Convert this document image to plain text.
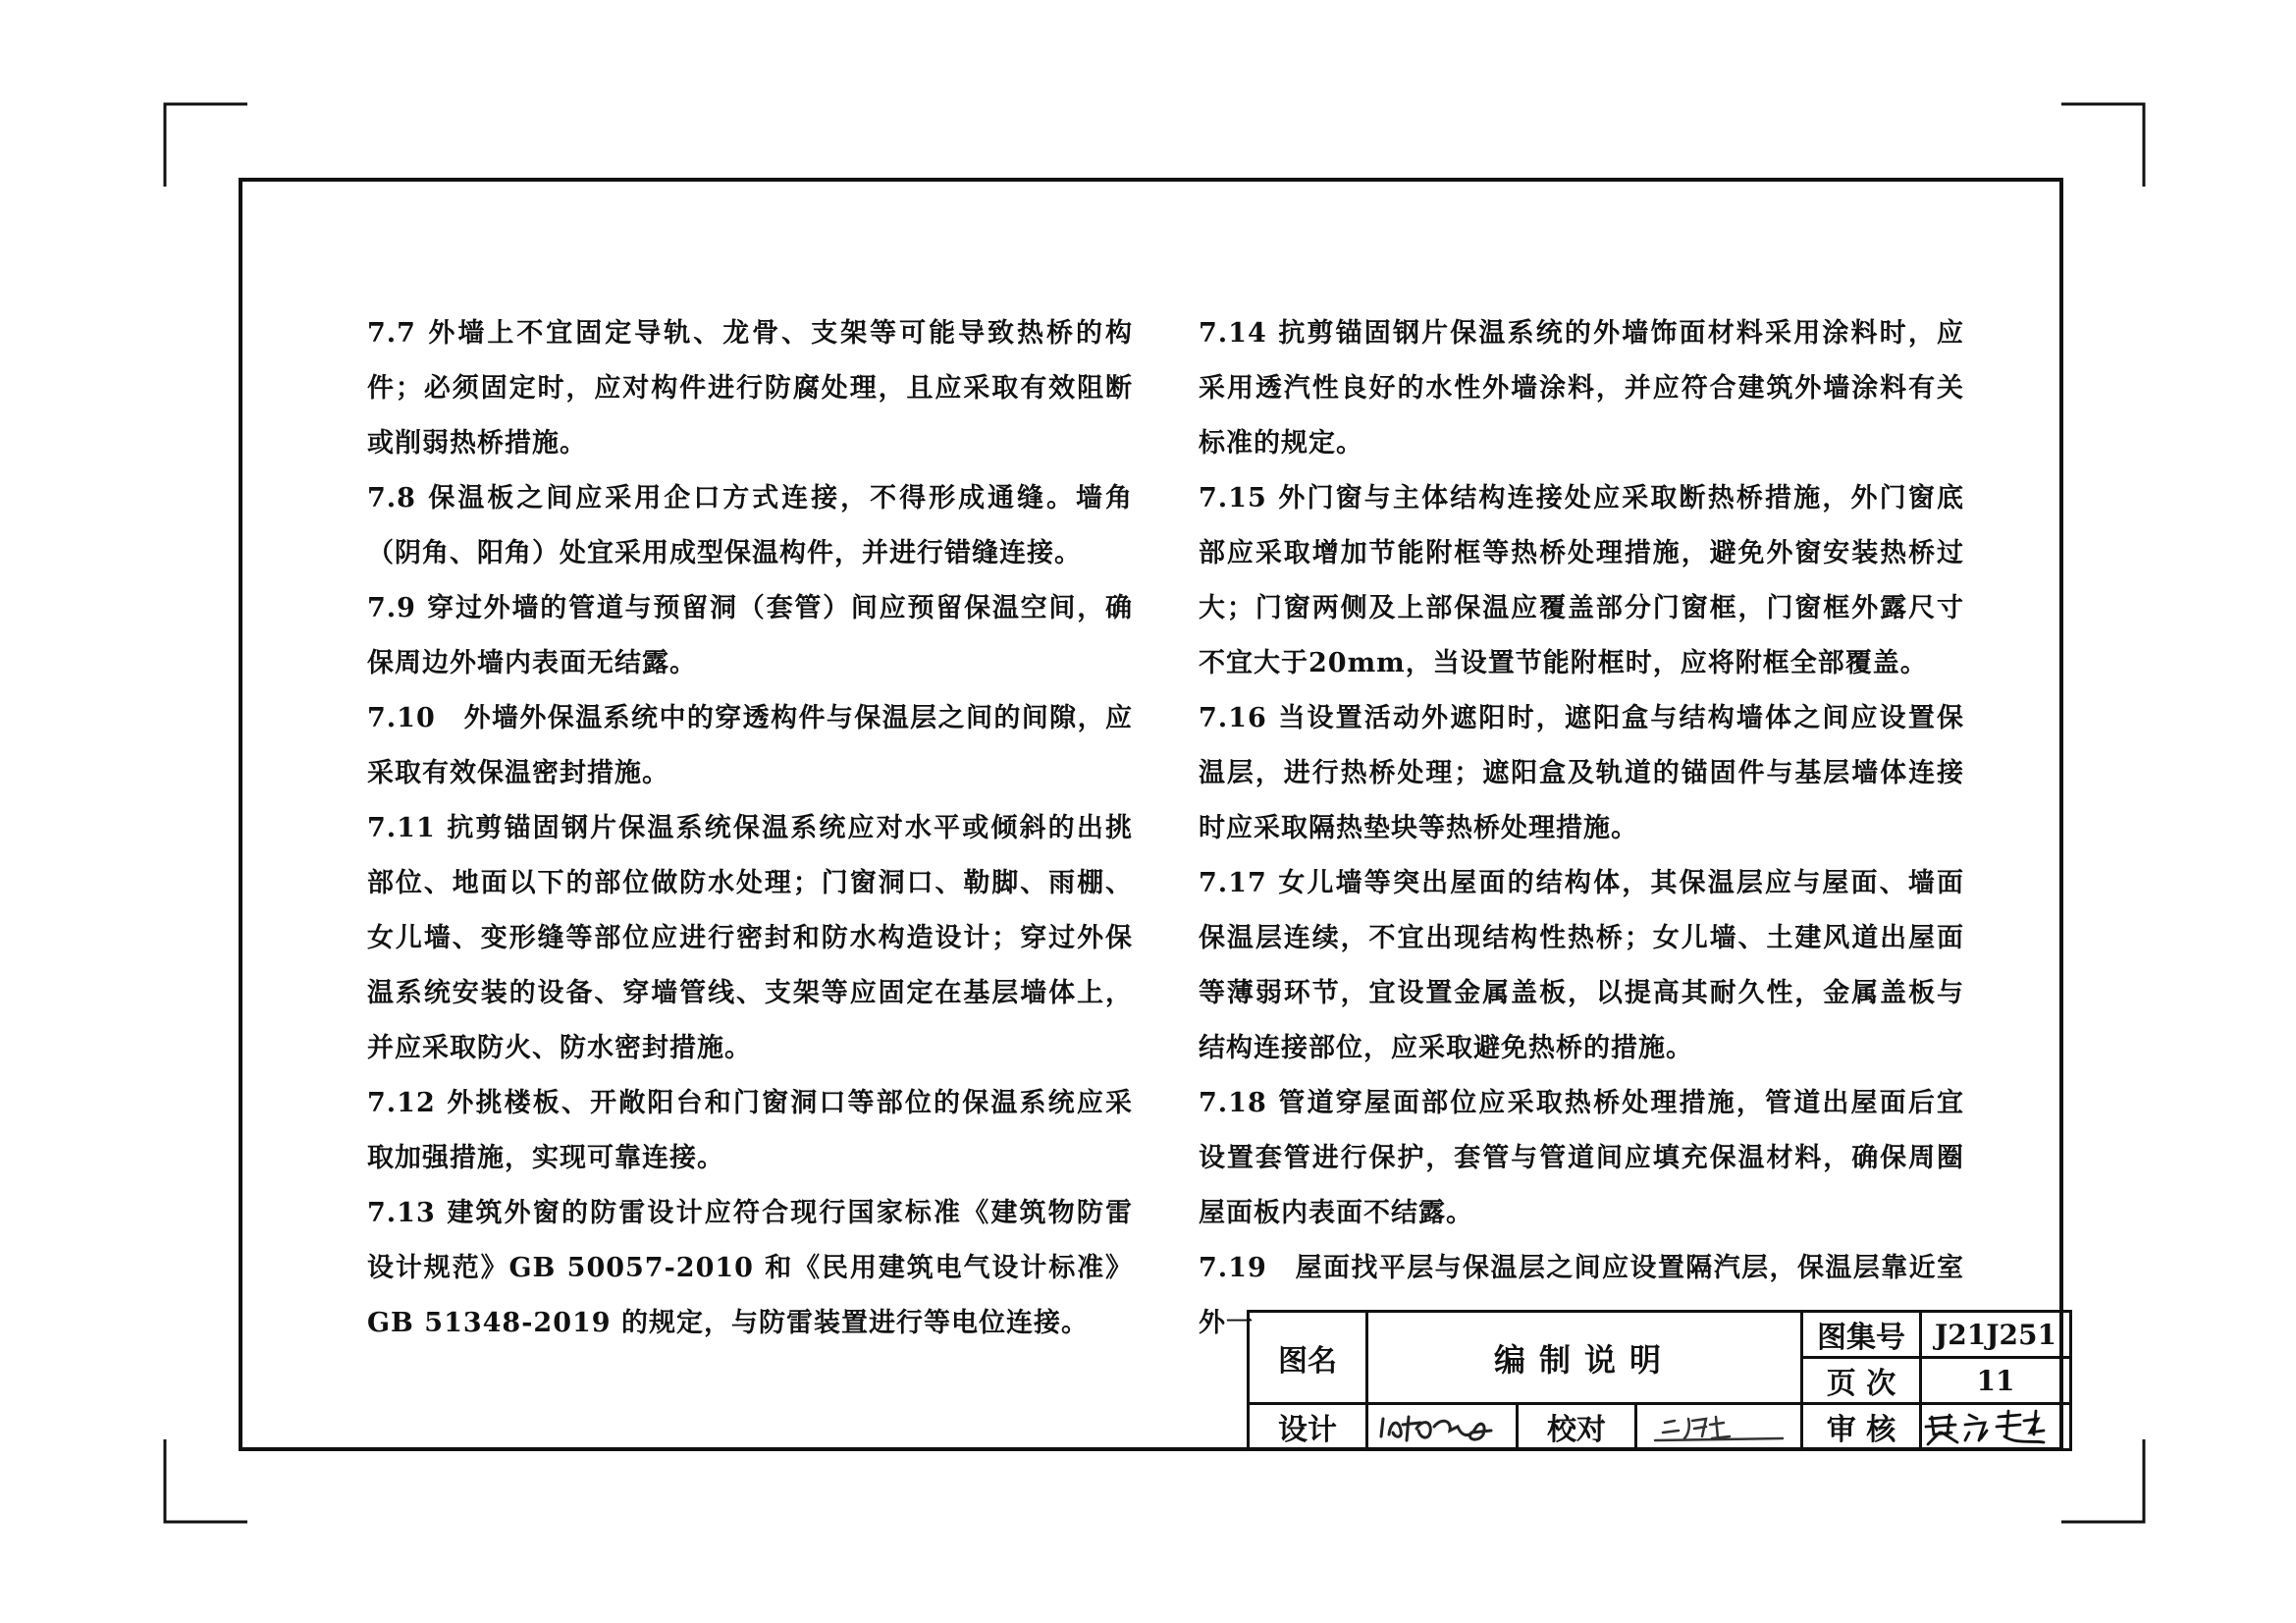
7.7 外墙上不宜固定导轨、龙骨、支架等可能导致热桥的构件；必须固定时，应对构件进行防腐处理，且应采取有效阻断或削弱热桥措施。

7.8 保温板之间应采用企口方式连接，不得形成通缝。墙角（阴角、阳角）处宜采用成型保温构件，并进行错缝连接。

7.9 穿过外墙的管道与预留洞（套管）间应预留保温空间，确保周边外墙内表面无结露。

7.10　外墙外保温系统中的穿透构件与保温层之间的间隙，应采取有效保温密封措施。

7.11 抗剪锚固钢片保温系统保温系统应对水平或倾斜的出挑部位、地面以下的部位做防水处理；门窗洞口、勒脚、雨棚、女儿墙、变形缝等部位应进行密封和防水构造设计；穿过外保温系统安装的设备、穿墙管线、支架等应固定在基层墙体上，并应采取防火、防水密封措施。

7.12 外挑楼板、开敞阳台和门窗洞口等部位的保温系统应采取加强措施，实现可靠连接。

7.13 建筑外窗的防雷设计应符合现行国家标准《建筑物防雷设计规范》GB 50057-2010 和《民用建筑电气设计标准》GB 51348-2019 的规定，与防雷装置进行等电位连接。

7.14 抗剪锚固钢片保温系统的外墙饰面材料采用涂料时，应采用透汽性良好的水性外墙涂料，并应符合建筑外墙涂料有关标准的规定。

7.15 外门窗与主体结构连接处应采取断热桥措施，外门窗底部应采取增加节能附框等热桥处理措施，避免外窗安装热桥过大；门窗两侧及上部保温应覆盖部分门窗框，门窗框外露尺寸不宜大于20mm，当设置节能附框时，应将附框全部覆盖。

7.16 当设置活动外遮阳时，遮阳盒与结构墙体之间应设置保温层，进行热桥处理；遮阳盒及轨道的锚固件与基层墙体连接时应采取隔热垫块等热桥处理措施。

7.17 女儿墙等突出屋面的结构体，其保温层应与屋面、墙面保温层连续，不宜出现结构性热桥；女儿墙、土建风道出屋面等薄弱环节，宜设置金属盖板，以提高其耐久性，金属盖板与结构连接部位，应采取避免热桥的措施。

7.18 管道穿屋面部位应采取热桥处理措施，管道出屋面后宜设置套管进行保护，套管与管道间应填充保温材料，确保周圈屋面板内表面不结露。

7.19　屋面找平层与保温层之间应设置隔汽层，保温层靠近室外一

图名	编制说明			图集号	J21J251
				页 次	11
设计		校对		审 核	
